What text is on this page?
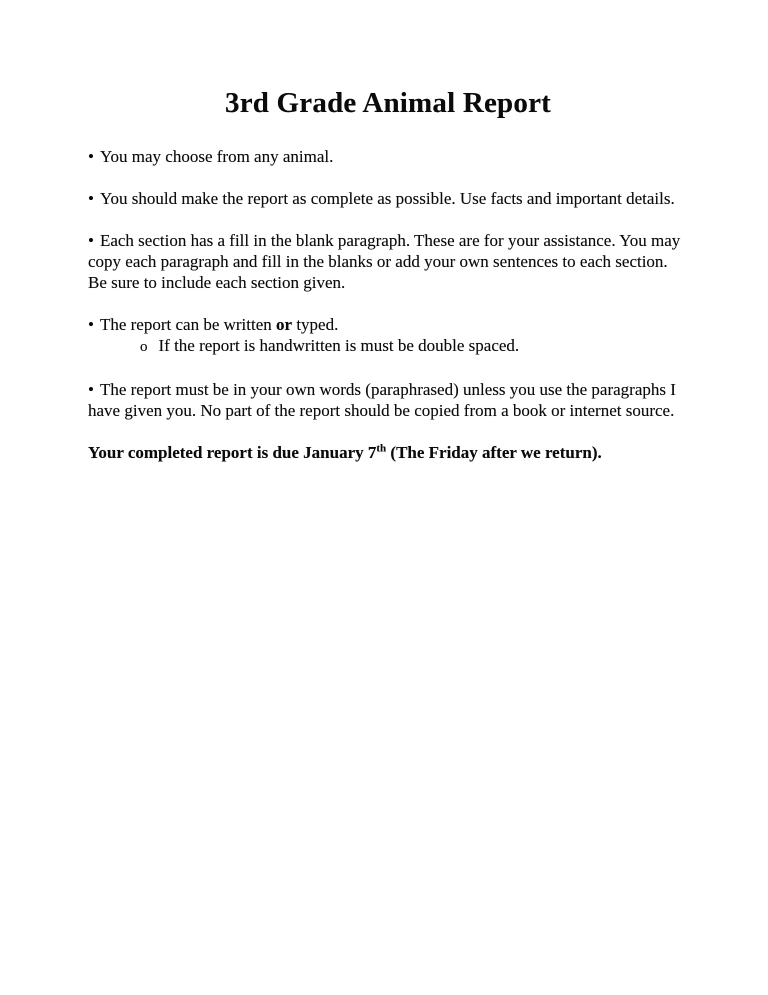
3rd Grade Animal Report

• You may choose from any animal.

• You should make the report as complete as possible. Use facts and important details.

• Each section has a fill in the blank paragraph. These are for your assistance. You may copy each paragraph and fill in the blanks or add your own sentences to each section. Be sure to include each section given.

• The report can be written or typed.

o If the report is handwritten is must be double spaced.

• The report must be in your own words (paraphrased) unless you use the paragraphs I have given you. No part of the report should be copied from a book or internet source.

Your completed report is due January 7th (The Friday after we return).
